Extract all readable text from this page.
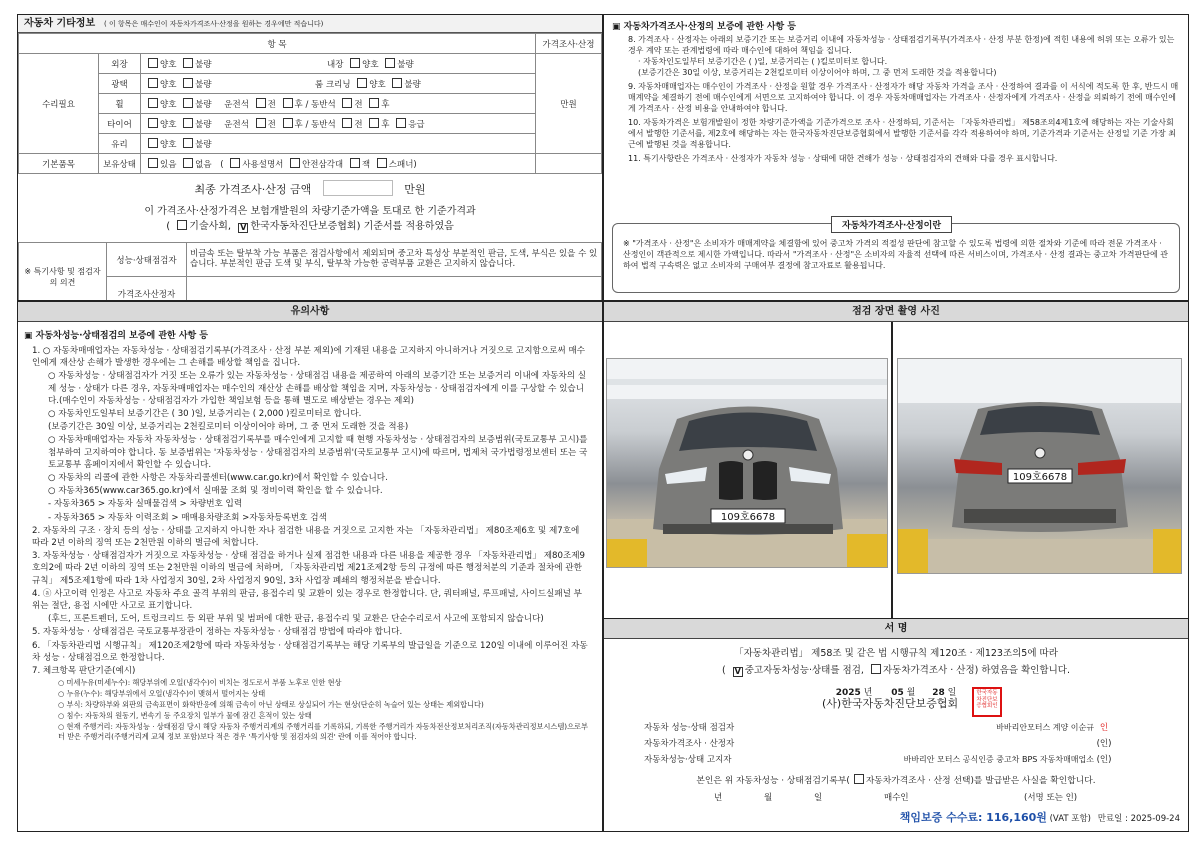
자동차 기타정보 ( 이 항목은 매수인이 자동차가격조사·산정을 원하는 경우에만 적습니다)
항 목			가격조사·산정
수리필요	외장	양호 불량 내장 양호 불량	만원
	광택	양호 불량 룸 크리닝 양호 불량	
	휠	양호 불량 운전석 전 후 / 동반석 전 후	
	타이어	양호 불량 운전석 전 후 / 동반석 전 후 응급	
	유리	양호 불량	
기본품목	보유상태	있음 없음 ( 사용설명서 안전삼각대 잭 스패너)	
최종 가격조사·산정 금액	만원
이 가격조사·산정가격은 보험개발원의 차량기준가액을 토대로 한 기준가격과
( 기술사회, V 한국자동차진단보증협회) 기준서를 적용하였음
※ 특기사항 및 점검자의 의견	성능·상태점검자	비금속 또는 탈부착 가능 부품은 점검사항에서 제외되며 중고차 특성상 부분적인 판금, 도색, 부식은 있을 수 있습니다. 부분적인 판금 도색 및 부식, 탈부착 가능한 공력부품 교환은 고지하지 않습니다.
	가격조사산정자	
▣ 자동차가격조사·산정의 보증에 관한 사항 등
8. 가격조사 · 산정자는 아래의 보증기간 또는 보증거리 이내에 자동차성능 · 상태점검기록부(가격조사 · 산정 부분 한정)에 적힌 내용에 허위 또는 오류가 있는 경우 계약 또는 관계법령에 따라 매수인에 대하여 책임을 집니다.
· 자동차인도일부터 보증기간은 ( )일, 보증거리는 ( )킬로미터로 합니다.
(보증기간은 30일 이상, 보증거리는 2천킬로미터 이상이어야 하며, 그 중 먼저 도래한 것을 적용합니다)
9. 자동차매매업자는 매수인이 가격조사 · 산정을 원할 경우 가격조사 · 산정자가 해당 자동차 가격을 조사 · 산정하여 결과를 이 서식에 적도록 한 후, 반드시 매매계약을 체결하기 전에 매수인에게 서면으로 고지하여야 합니다. 이 경우 자동차매매업자는 가격조사 · 산정자에게 가격조사 · 산정을 의뢰하기 전에 매수인에게 가격조사 · 산정 비용을 안내하여야 합니다.
10. 자동차가격은 보험개발원이 정한 차량기준가액을 기준가격으로 조사 · 산정하되, 기준서는 「자동차관리법」 제58조의4제1호에 해당하는 자는 기술사회에서 발행한 기준서를, 제2호에 해당하는 자는 한국자동차진단보증협회에서 발행한 기준서를 각각 적용하여야 하며, 기준가격과 기준서는 산정일 기준 가장 최근에 발행된 것을 적용합니다.
11. 특기사항란은 가격조사 · 산정자가 자동차 성능 · 상태에 대한 견해가 성능 · 상태점검자의 견해와 다를 경우 표시합니다.
자동차가격조사·산정이란
※ "가격조사 · 산정"은 소비자가 매매계약을 체결함에 있어 중고차 가격의 적절성 판단에 참고할 수 있도록 법령에 의한 절차와 기준에 따라 전문 가격조사 · 산정인이 객관적으로 제시한 가액입니다. 따라서 "가격조사 · 산정"은 소비자의 자율적 선택에 따른 서비스이며, 가격조사 · 산정 결과는 중고차 가격판단에 관하여 법적 구속력은 없고 소비자의 구매여부 결정에 참고자료로 활용됩니다.
유의사항
▣ 자동차성능·상태점검의 보증에 관한 사항 등
1. ○ 자동차매매업자는 자동차성능 · 상태점검기록부(가격조사 · 산정 부분 제외)에 기재된 내용을 고지하지 아니하거나 거짓으로 고지함으로써 매수인에게 재산상 손해가 발생한 경우에는 그 손해를 배상할 책임을 집니다.
○ 자동차성능 · 상태점검자가 거짓 또는 오류가 있는 자동차성능 · 상태점검 내용을 제공하여 아래의 보증기간 또는 보증거리 이내에 자동차의 실제 성능 · 상태가 다른 경우, 자동차매매업자는 매수인의 재산상 손해를 배상할 책임을 지며, 자동차성능 · 상태점검자에게 이를 구상할 수 있습니다.(매수인이 자동차성능 · 상태점검자가 가입한 책임보험 등을 통해 별도로 배상받는 경우는 제외)
○ 자동차인도일부터 보증기간은 ( 30 )일, 보증거리는 ( 2,000 )킬로미터로 합니다.
(보증기간은 30일 이상, 보증거리는 2천킬로미터 이상이어야 하며, 그 중 먼저 도래한 것을 적용)
○ 자동차매매업자는 자동차 자동차성능 · 상태점검기록부를 매수인에게 고지할 때 현행 자동차성능 · 상태점검자의 보증범위(국토교통부 고시)를 첨부하여 고지하여야 합니다. 동 보증범위는 '자동차성능 · 상태점검자의 보증범위'(국토교통부 고시)에 따르며, 법제처 국가법령정보센터 또는 국토교통부 홈페이지에서 확인할 수 있습니다.
○ 자동차의 리콜에 관한 사항은 자동차리콜센터(www.car.go.kr)에서 확인할 수 있습니다.
○ 자동차365(www.car365.go.kr)에서 실매물 조회 및 정비이력 확인을 할 수 있습니다.
- 자동차365 > 자동차 실매물검색 > 차량번호 입력
- 자동차365 > 자동차 이력조회 > 매매용차량조회 >자동차등록번호 검색
2. 자동차의 구조 · 장치 등의 성능 · 상태를 고지하지 아니한 자나 점검한 내용을 거짓으로 고지한 자는 「자동차관리법」 제80조제6호 및 제7호에 따라 2년 이하의 징역 또는 2천만원 이하의 벌금에 처합니다.
3. 자동차성능 · 상태점검자가 거짓으로 자동차성능 · 상태 점검을 하거나 실제 점검한 내용과 다른 내용을 제공한 경우 「자동차관리법」 제80조제9호의2에 따라 2년 이하의 징역 또는 2천만원 이하의 벌금에 처하며, 「자동차관리법 제21조제2항 등의 규정에 따른 행정처분의 기준과 절차에 관한 규칙」 제5조제1항에 따라 1차 사업정지 30일, 2차 사업정지 90일, 3차 사업장 폐쇄의 행정처분을 받습니다.
4. ⓐ 사고이력 인정은 사고로 자동차 주요 골격 부위의 판금, 용접수리 및 교환이 있는 경우로 한정합니다. 단, 쿼터패널, 루프패널, 사이드실패널 부위는 절단, 용접 시에만 사고로 표기합니다.
(후드, 프론트펜더, 도어, 트렁크리드 등 외판 부위 및 범퍼에 대한 판금, 용접수리 및 교환은 단순수리로서 사고에 포함되지 않습니다)
5. 자동차성능 · 상태점검은 국토교통부장관이 정하는 자동차성능 · 상태점검 방법에 따라야 합니다.
6. 「자동차관리법 시행규칙」 제120조제2항에 따라 자동차성능 · 상태점검기록부는 해당 기록부의 발급일을 기준으로 120일 이내에 이루어진 자동차 성능 · 상태점검으로 한정합니다.
7. 체크항목 판단기준(예시)
○ 미세누유(미세누수): 해당부위에 오일(냉각수)이 비치는 정도로서 부품 노후로 인한 현상
○ 누유(누수): 해당부위에서 오일(냉각수)이 맺혀서 떨어지는 상태
○ 부식: 차량하부와 외판의 금속표면이 화학반응에 의해 금속이 아닌 상태로 상실되어 가는 현상(단순히 녹슬어 있는 상태는 제외합니다)
○ 침수: 자동차의 원동기, 변속기 등 주요장치 일부가 물에 잠긴 흔적이 있는 상태
○ 현재 주행거리: 자동차성능 · 상태점검 당시 해당 자동차 주행거리계의 주행거리를 기록하되, 기록한 주행거리가 자동차전산정보처리조직(자동차관리정보시스템)으로부터 받은 주행거리(주행거리계 교체 정보 포함)보다 적은 경우 '특기사항 및 점검자의 의견' 란에 이를 적어야 합니다.
점검 장면 촬영 사진
109호6678
109호6678
서 명
「자동차관리법」 제58조 및 같은 법 시행규칙 제120조 · 제123조의5에 따라
( V 중고자동차성능·상태를 점검, 자동차가격조사 · 산정) 하였음을 확인합니다.
2025 년 05 월 28 일
(사)한국자동차진단보증협회
한국자동차진단보증협회인
자동차 성능·상태 점검자	바바리안모터스 계양 이순규 인
자동차가격조사 · 산정자	(인)
자동차성능·상태 고지자	바바리안 모터스 공식인증 중고차 BPS 자동차매매업소 (인)
본인은 위 자동차성능 · 상태점검기록부( 자동차가격조사 · 산정 선택)를 발급받은 사실을 확인합니다.
년	월	일	매수인	(서명 또는 인)
책임보증 수수료: 116,160원 (VAT 포함) 만료일 : 2025-09-24
